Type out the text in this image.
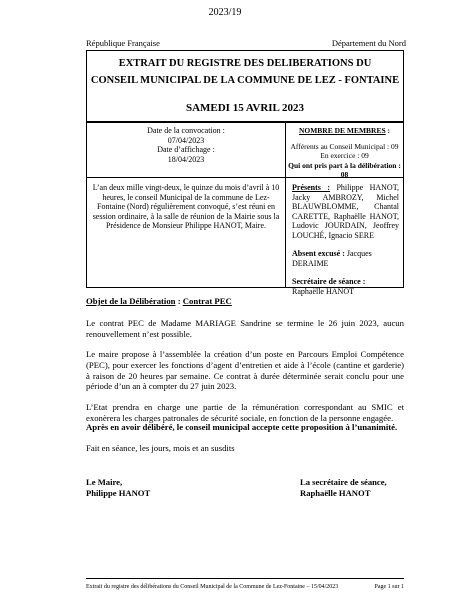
2023/19
République Française	Département du Nord
EXTRAIT DU REGISTRE DES DELIBERATIONS DU
CONSEIL MUNICIPAL DE LA COMMUNE DE LEZ - FONTAINE
SAMEDI 15 AVRIL 2023
Date de la convocation :
07/04/2023
Date d’affichage :
18/04/2023
NOMBRE DE MEMBRES :
Afférents au Conseil Municipal : 09
En exercice : 09
Qui ont pris part à la délibération : 08
L’an deux mille vingt-deux, le quinze du mois d’avril à 10 heures, le conseil Municipal de la commune de Lez-Fontaine (Nord) régulièrement convoqué, s’est réuni en session ordinaire, à la salle de réunion de la Mairie sous la Présidence de Monsieur Philippe HANOT, Maire.
Présents : Philippe HANOT, Jacky AMBROZY, Michel BLAUWBLOMME, Chantal CARETTE, Raphaëlle HANOT, Ludovic JOURDAIN, Jeoffrey LOUCHÉ, Ignacio SERE
Absent excusé : Jacques DERAIME
Secrétaire de séance : Raphaëlle HANOT
Objet de la Délibération : Contrat PEC
Le contrat PEC de Madame MARIAGE Sandrine se termine le 26 juin 2023, aucun renouvellement n’est possible.
Le maire propose à l’assemblée la création d’un poste en Parcours Emploi Compétence (PEC), pour exercer les fonctions d’agent d’entretien et aide à l’école (cantine et garderie) à raison de 20 heures par semaine. Ce contrat à durée déterminée serait conclu pour une période d’un an à compter du 27 juin 2023.
L’Etat prendra en charge une partie de la rémunération correspondant au SMIC et exonèrera les charges patronales de sécurité sociale, en fonction de la personne engagée.
Après en avoir délibéré, le conseil municipal accepte cette proposition à l’unanimité.
Fait en séance, les jours, mois et an susdits
Le Maire,
Philippe HANOT
La secrétaire de séance,
Raphaëlle HANOT
Extrait du registre des délibérations du Conseil Municipal de la Commune de Lez-Fontaine – 15/04/2023	Page 1 sur 1
